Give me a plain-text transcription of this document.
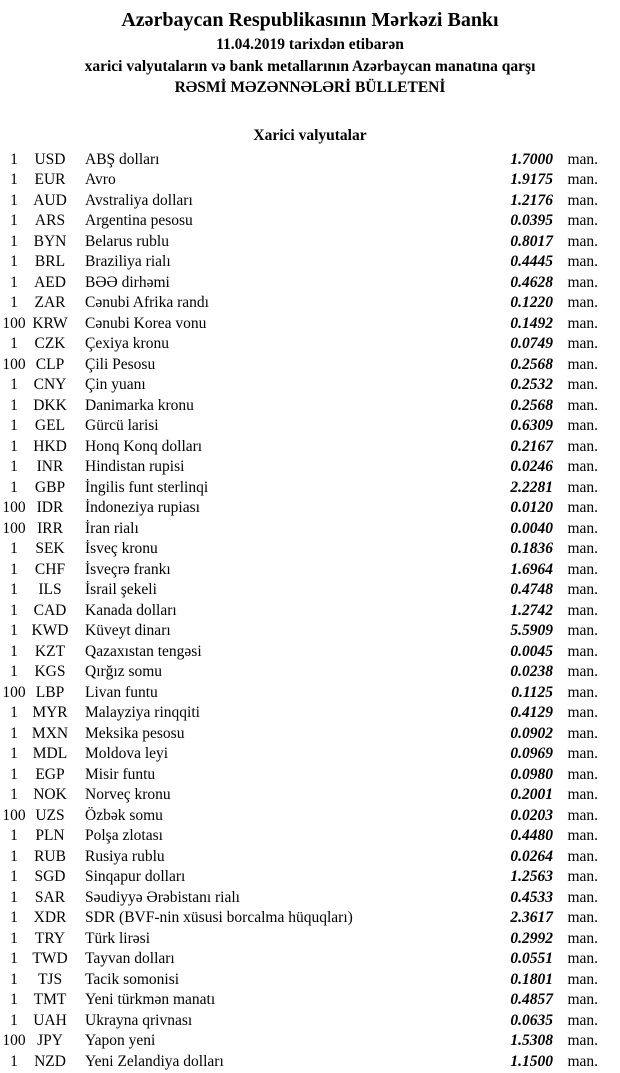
Azərbaycan Respublikasının Mərkəzi Bankı
11.04.2019 tarixdən etibarən
xarici valyutaların və bank metallarının Azərbaycan manatına qarşı
RƏSMİ MƏZƏNNƏLƏRİ BÜLLETENİ
Xarici valyutalar
1	USD	ABŞ dolları	1.7000 man.
1	EUR	Avro	1.9175 man.
1 AUD	Avstraliya dolları	1.2176 man.
1	ARS	Argentina pesosu	0.0395 man.
1	BYN	Belarus rublu	0.8017 man.
1	BRL	Braziliya rialı	0.4445 man.
1	AED	BƏƏ dirhəmi	0.4628 man.
1	ZAR	Cənubi Afrika randı	0.1220 man.
100 KRW	Cənubi Korea vonu	0.1492 man.
1	CZK	Çexiya kronu	0.0749 man.
100 CLP	Çili Pesosu	0.2568 man.
1	CNY	Çin yuanı	0.2532 man.
1 DKK	Danimarka kronu	0.2568 man.
1	GEL	Gürcü larisi	0.6309 man.
1 HKD	Honq Konq dolları	0.2167 man.
1	INR	Hindistan rupisi	0.0246 man.
1	GBP	İngilis funt sterlinqi	2.2281 man.
100 IDR	İndoneziya rupiası	0.0120 man.
100 IRR	İran rialı	0.0040 man.
1	SEK	İsveç kronu	0.1836 man.
1	CHF	İsveçrə frankı	1.6964 man.
1	ILS	İsrail şekeli	0.4748 man.
1	CAD	Kanada dolları	1.2742 man.
1 KWD	Küveyt dinarı	5.5909 man.
1	KZT	Qazaxıstan tengəsi	0.0045 man.
1	KGS	Qırğız somu	0.0238 man.
100 LBP	Livan funtu	0.1125 man.
1 MYR	Malayziya rinqqiti	0.4129 man.
1 MXN	Meksika pesosu	0.0902 man.
1 MDL	Moldova leyi	0.0969 man.
1	EGP	Misir funtu	0.0980 man.
1 NOK	Norveç kronu	0.2001 man.
100 UZS	Özbək somu	0.0203 man.
1	PLN	Polşa zlotası	0.4480 man.
1	RUB	Rusiya rublu	0.0264 man.
1	SGD	Sinqapur dolları	1.2563 man.
1	SAR	Səudiyyə Ərəbistanı rialı	0.4533 man.
1	XDR	SDR (BVF-nin xüsusi borcalma hüquqları)	2.3617 man.
1	TRY	Türk lirəsi	0.2992 man.
1 TWD	Tayvan dolları	0.0551 man.
1	TJS	Tacik somonisi	0.1801 man.
1	TMT	Yeni türkmən manatı	0.4857 man.
1 UAH	Ukrayna qrivnası	0.0635 man.
100 JPY	Yapon yeni	1.5308 man.
1	NZD	Yeni Zelandiya dolları	1.1500 man.
